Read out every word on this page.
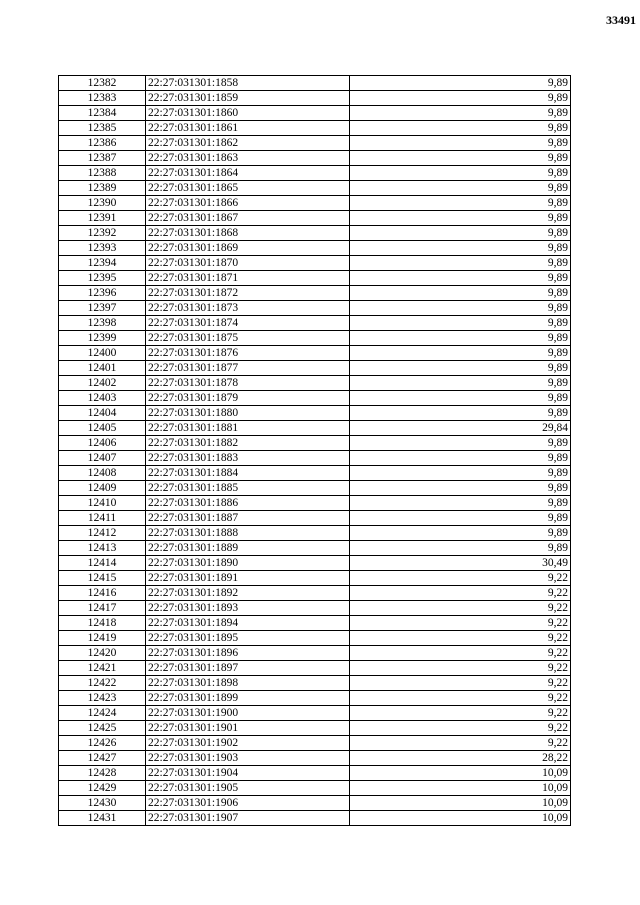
33491
12382	22:27:031301:1858	9,89
12383	22:27:031301:1859	9,89
12384	22:27:031301:1860	9,89
12385	22:27:031301:1861	9,89
12386	22:27:031301:1862	9,89
12387	22:27:031301:1863	9,89
12388	22:27:031301:1864	9,89
12389	22:27:031301:1865	9,89
12390	22:27:031301:1866	9,89
12391	22:27:031301:1867	9,89
12392	22:27:031301:1868	9,89
12393	22:27:031301:1869	9,89
12394	22:27:031301:1870	9,89
12395	22:27:031301:1871	9,89
12396	22:27:031301:1872	9,89
12397	22:27:031301:1873	9,89
12398	22:27:031301:1874	9,89
12399	22:27:031301:1875	9,89
12400	22:27:031301:1876	9,89
12401	22:27:031301:1877	9,89
12402	22:27:031301:1878	9,89
12403	22:27:031301:1879	9,89
12404	22:27:031301:1880	9,89
12405	22:27:031301:1881	29,84
12406	22:27:031301:1882	9,89
12407	22:27:031301:1883	9,89
12408	22:27:031301:1884	9,89
12409	22:27:031301:1885	9,89
12410	22:27:031301:1886	9,89
12411	22:27:031301:1887	9,89
12412	22:27:031301:1888	9,89
12413	22:27:031301:1889	9,89
12414	22:27:031301:1890	30,49
12415	22:27:031301:1891	9,22
12416	22:27:031301:1892	9,22
12417	22:27:031301:1893	9,22
12418	22:27:031301:1894	9,22
12419	22:27:031301:1895	9,22
12420	22:27:031301:1896	9,22
12421	22:27:031301:1897	9,22
12422	22:27:031301:1898	9,22
12423	22:27:031301:1899	9,22
12424	22:27:031301:1900	9,22
12425	22:27:031301:1901	9,22
12426	22:27:031301:1902	9,22
12427	22:27:031301:1903	28,22
12428	22:27:031301:1904	10,09
12429	22:27:031301:1905	10,09
12430	22:27:031301:1906	10,09
12431	22:27:031301:1907	10,09
